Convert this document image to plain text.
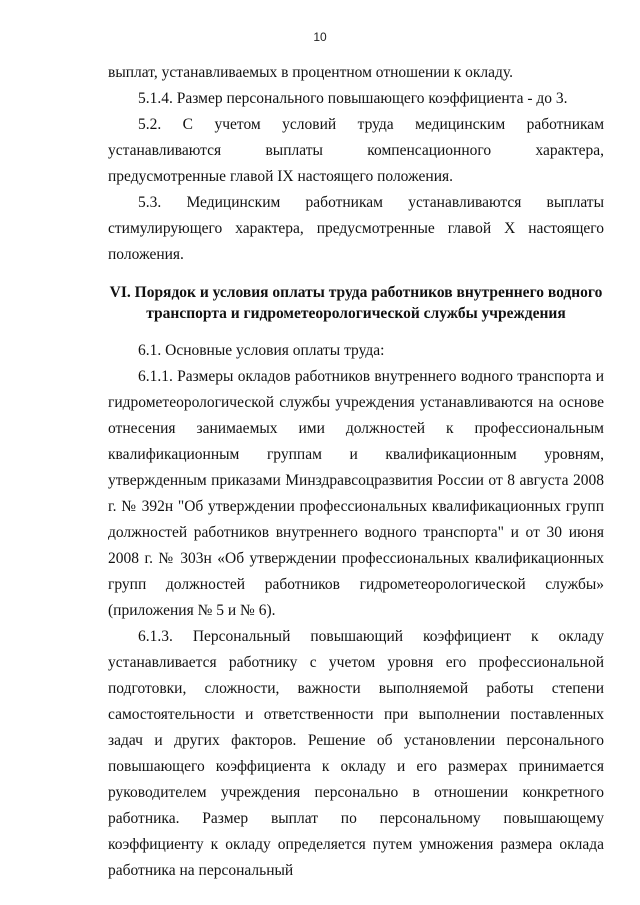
10

выплат, устанавливаемых в процентном отношении к окладу.

5.1.4. Размер персонального повышающего коэффициента - до 3.

5.2. С учетом условий труда медицинским работникам устанавливаются выплаты компенсационного характера, предусмотренные главой IX настоящего положения.

5.3. Медицинским работникам устанавливаются выплаты стимулирующего характера, предусмотренные главой X настоящего положения.

VI. Порядок и условия оплаты труда работников внутреннего водного транспорта и гидрометеорологической службы учреждения

6.1. Основные условия оплаты труда:

6.1.1. Размеры окладов работников внутреннего водного транспорта и гидрометеорологической службы учреждения устанавливаются на основе отнесения занимаемых ими должностей к профессиональным квалификационным группам и квалификационным уровням, утвержденным приказами Минздравсоцразвития России от 8 августа 2008 г. № 392н "Об утверждении профессиональных квалификационных групп должностей работников внутреннего водного транспорта" и от 30 июня 2008 г. № 303н «Об утверждении профессиональных квалификационных групп должностей работников гидрометеорологической службы» (приложения № 5 и № 6).

6.1.3. Персональный повышающий коэффициент к окладу устанавливается работнику с учетом уровня его профессиональной подготовки, сложности, важности выполняемой работы степени самостоятельности и ответственности при выполнении поставленных задач и других факторов. Решение об установлении персонального повышающего коэффициента к окладу и его размерах принимается руководителем учреждения персонально в отношении конкретного работника. Размер выплат по персональному повышающему коэффициенту к окладу определяется путем умножения размера оклада работника на персональный
